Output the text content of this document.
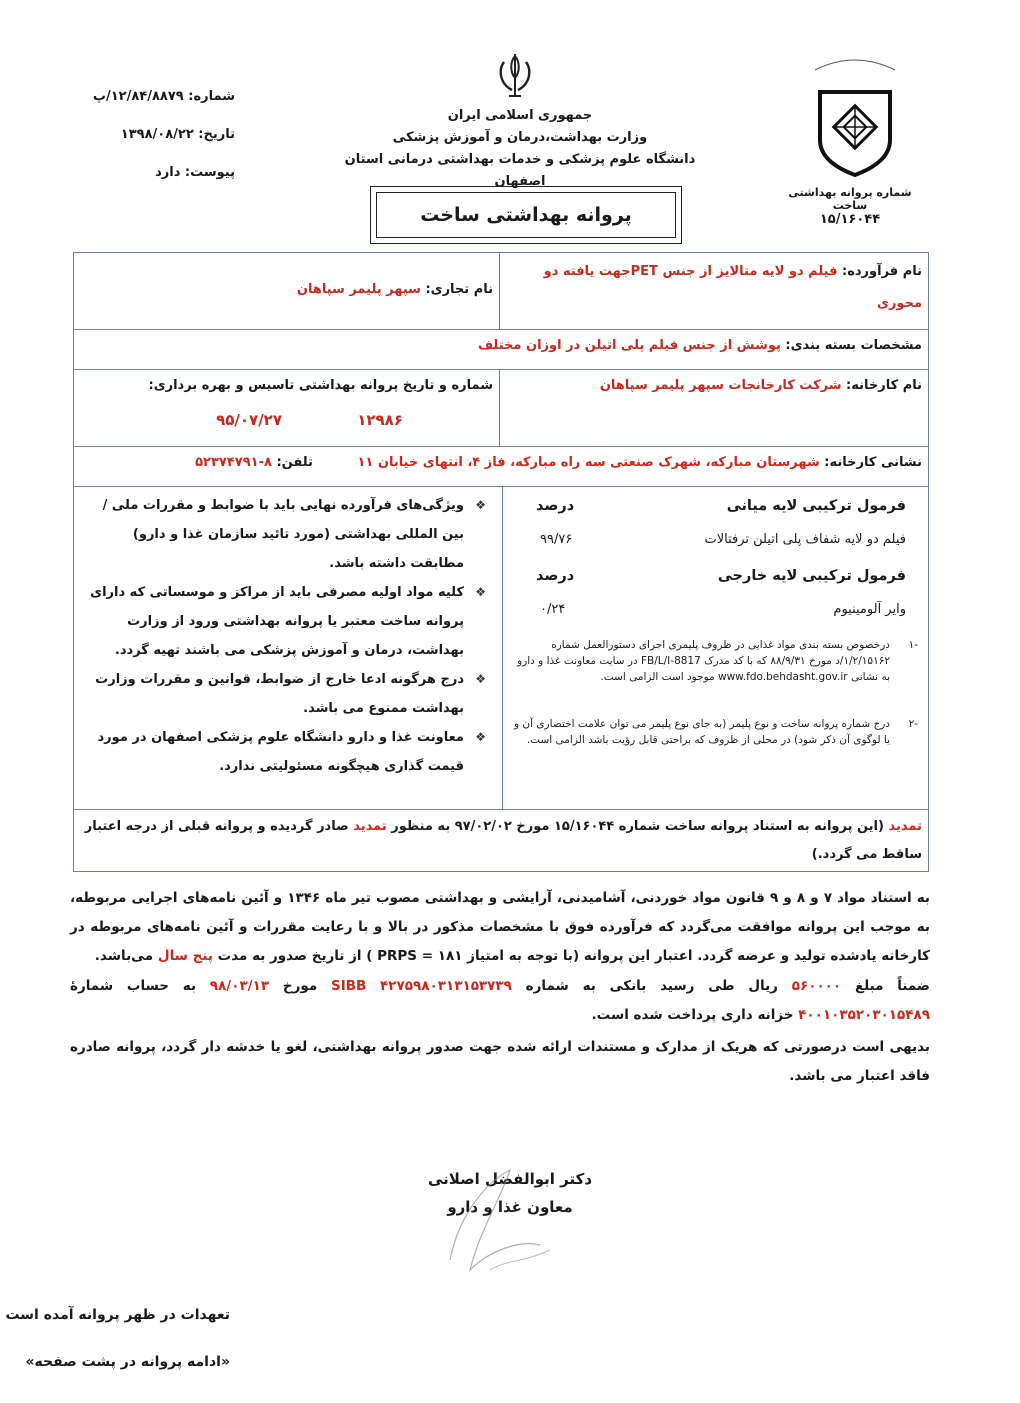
شماره: ۱۲/۸۴/۸۸۷۹/پ
تاریخ: ۱۳۹۸/۰۸/۲۲
پیوست: دارد
جمهوری اسلامی ایران
وزارت بهداشت،درمان و آموزش پزشکی
دانشگاه علوم پزشکی و خدمات بهداشتی درمانی استان اصفهان
شماره پروانه بهداشتی ساخت
۱۵/۱۶۰۴۴
پروانه بهداشتی ساخت
نام فرآورده: فیلم دو لایه متالایز از جنس PETجهت یافته دو
محوری
نام تجاری: سپهر پلیمر سپاهان
مشخصات بسته بندی: پوشش از جنس فیلم پلی اتیلن در اوزان مختلف
نام کارخانه: شرکت کارخانجات سپهر پلیمر سپاهان
شماره و تاریخ پروانه بهداشتی تاسیس و بهره برداری:
۱۲۹۸۶ ۹۵/۰۷/۲۷
نشانی کارخانه: شهرستان مبارکه، شهرک صنعتی سه راه مبارکه، فاز ۴، انتهای خیابان ۱۱ تلفن: ۸-۵۲۳۷۴۷۹۱
فرمول ترکیبی لایه میانی
درصد
فیلم دو لایه شفاف پلی اتیلن ترفتالات
۹۹/۷۶
فرمول ترکیبی لایه خارجی
درصد
وایر آلومینیوم
۰/۲۴
-۱
درخصوص بسته بندی مواد غذایی در ظروف پلیمری اجرای دستورالعمل شماره ۱/۲/۱۵۱۶۲/د مورخ ۸۸/۹/۳۱ که با کد مدرک FB/L/I-8817 در سایت معاونت غذا و دارو به نشانی www.fdo.behdasht.gov.ir موجود است الزامی است.
-۲
درج شماره پروانه ساخت و نوع پلیمر (به جای نوع پلیمر می توان علامت اختصاری آن و یا لوگوی آن ذکر شود) در محلی از ظروف که براحتی قابل رؤیت باشد الزامی است.
❖ ویژگی‌های فرآورده نهایی باید با ضوابط و مقررات ملی / بین المللی بهداشتی (مورد تائید سازمان غذا و دارو) مطابقت داشته باشد.
❖ کلیه مواد اولیه مصرفی باید از مراکز و موسساتی که دارای پروانه ساخت معتبر یا پروانه بهداشتی ورود از وزارت بهداشت، درمان و آموزش پزشکی می باشند تهیه گردد.
❖ درج هرگونه ادعا خارج از ضوابط، قوانین و مقررات وزارت بهداشت ممنوع می باشد.
❖ معاونت غذا و دارو دانشگاه علوم پزشکی اصفهان در مورد قیمت گذاری هیچگونه مسئولیتی ندارد.
تمدید (این پروانه به استناد پروانه ساخت شماره ۱۵/۱۶۰۴۴ مورخ ۹۷/۰۲/۰۲ به منظور تمدید صادر گردیده و پروانه قبلی از درجه اعتبار ساقط می گردد.)
به استناد مواد ۷ و ۸ و ۹ قانون مواد خوردنی، آشامیدنی، آرایشی و بهداشتی مصوب تیر ماه ۱۳۴۶ و آئین نامه‌های اجرایی مربوطه، به موجب این پروانه موافقت می‌گردد که فرآورده فوق با مشخصات مذکور در بالا و با رعایت مقررات و آئین نامه‌های مربوطه در کارخانه یادشده تولید و عرضه گردد. اعتبار این پروانه (با توجه به امتیاز ۱۸۱ = PRPS ) از تاریخ صدور به مدت پنج سال می‌باشد.
ضمناً مبلغ ۵۶۰۰۰۰ ریال طی رسید بانکی به شماره SIBB ۴۲۷۵۹۸۰۳۱۳۱۵۳۷۳۹ مورخ ۹۸/۰۳/۱۳ به حساب شمارهٔ ۴۰۰۱۰۳۵۲۰۳۰۱۵۴۸۹ خزانه داری پرداخت شده است.
بدیهی است درصورتی که هریک از مدارک و مستندات ارائه شده جهت صدور پروانه بهداشتی، لغو یا خدشه دار گردد، پروانه صادره فاقد اعتبار می باشد.
دکتر ابوالفضل اصلانی
معاون غذا و دارو
تعهدات در ظهر پروانه آمده است
«ادامه پروانه در پشت صفحه»
